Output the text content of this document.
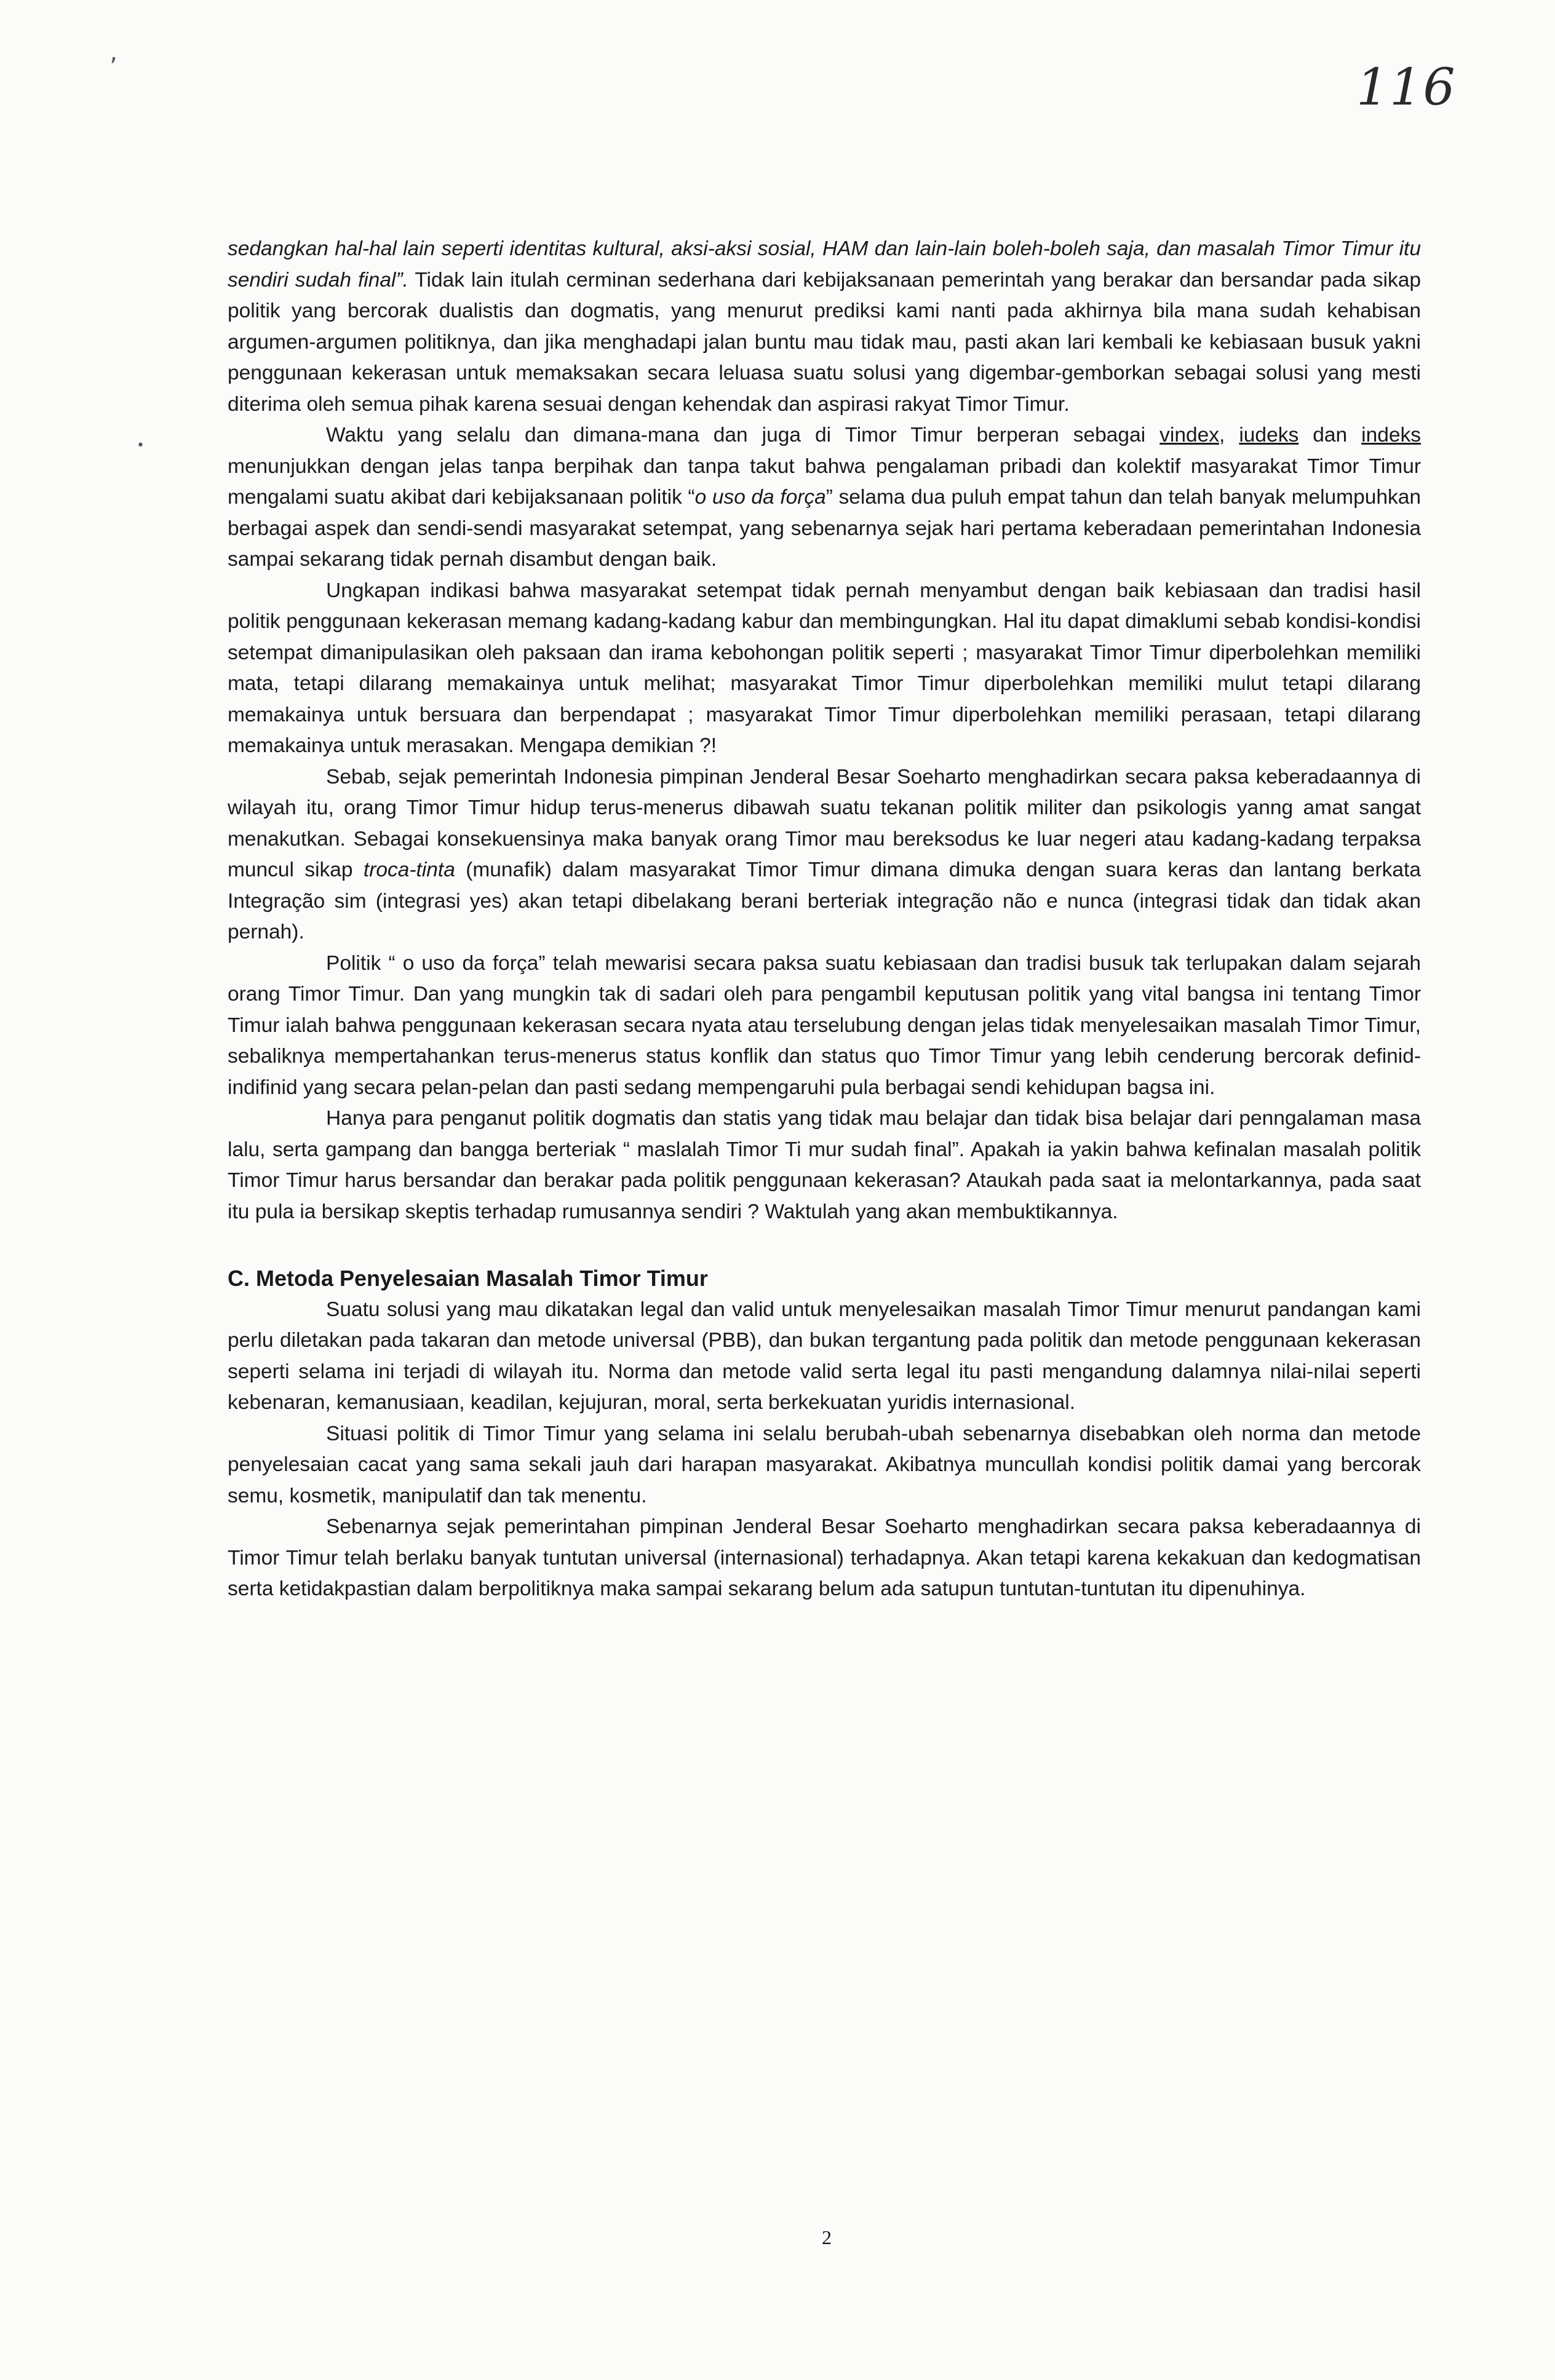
116
‚
•

sedangkan hal-hal lain seperti identitas kultural, aksi-aksi sosial, HAM dan lain-lain boleh-boleh saja, dan masalah Timor Timur itu sendiri sudah final”. Tidak lain itulah cerminan sederhana dari kebijaksanaan pemerintah yang berakar dan bersandar pada sikap politik yang bercorak dualistis dan dogmatis, yang menurut prediksi kami nanti pada akhirnya bila mana sudah kehabisan argumen-argumen politiknya, dan jika menghadapi jalan buntu mau tidak mau, pasti akan lari kembali ke kebiasaan busuk yakni penggunaan kekerasan untuk memaksakan secara leluasa suatu solusi yang digembar-gemborkan sebagai solusi yang mesti diterima oleh semua pihak karena sesuai dengan kehendak dan aspirasi rakyat Timor Timur.

Waktu yang selalu dan dimana-mana dan juga di Timor Timur berperan sebagai vindex, iudeks dan indeks menunjukkan dengan jelas tanpa berpihak dan tanpa takut bahwa pengalaman pribadi dan kolektif masyarakat Timor Timur mengalami suatu akibat dari kebijaksanaan politik “o uso da força” selama dua puluh empat tahun dan telah banyak melumpuhkan berbagai aspek dan sendi-sendi masyarakat setempat, yang sebenarnya sejak hari pertama keberadaan pemerintahan Indonesia sampai sekarang tidak pernah disambut dengan baik.

Ungkapan indikasi bahwa masyarakat setempat tidak pernah menyambut dengan baik kebiasaan dan tradisi hasil politik penggunaan kekerasan memang kadang-kadang kabur dan membingungkan. Hal itu dapat dimaklumi sebab kondisi-kondisi setempat dimanipulasikan oleh paksaan dan irama kebohongan politik seperti ; masyarakat Timor Timur diperbolehkan memiliki mata, tetapi dilarang memakainya untuk melihat; masyarakat Timor Timur diperbolehkan memiliki mulut tetapi dilarang memakainya untuk bersuara dan berpendapat ; masyarakat Timor Timur diperbolehkan memiliki perasaan, tetapi dilarang memakainya untuk merasakan. Mengapa demikian ?!

Sebab, sejak pemerintah Indonesia pimpinan Jenderal Besar Soeharto menghadirkan secara paksa keberadaannya di wilayah itu, orang Timor Timur hidup terus-menerus dibawah suatu tekanan politik militer dan psikologis yanng amat sangat menakutkan. Sebagai konsekuensinya maka banyak orang Timor mau bereksodus ke luar negeri atau kadang-kadang terpaksa muncul sikap troca-tinta (munafik) dalam masyarakat Timor Timur dimana dimuka dengan suara keras dan lantang berkata Integração sim (integrasi yes) akan tetapi dibelakang berani berteriak integração não e nunca (integrasi tidak dan tidak akan pernah).

Politik “ o uso da força” telah mewarisi secara paksa suatu kebiasaan dan tradisi busuk tak terlupakan dalam sejarah orang Timor Timur. Dan yang mungkin tak di sadari oleh para pengambil keputusan politik yang vital bangsa ini tentang Timor Timur ialah bahwa penggunaan kekerasan secara nyata atau terselubung dengan jelas tidak menyelesaikan masalah Timor Timur, sebaliknya mempertahankan terus-menerus status konflik dan status quo Timor Timur yang lebih cenderung bercorak definid-indifinid yang secara pelan-pelan dan pasti sedang mempengaruhi pula berbagai sendi kehidupan bagsa ini.

Hanya para penganut politik dogmatis dan statis yang tidak mau belajar dan tidak bisa belajar dari penngalaman masa lalu, serta gampang dan bangga berteriak “ maslalah Timor Ti mur sudah final”. Apakah ia yakin bahwa kefinalan masalah politik Timor Timur harus bersandar dan berakar pada politik penggunaan kekerasan? Ataukah pada saat ia melontarkannya, pada saat itu pula ia bersikap skeptis terhadap rumusannya sendiri ? Waktulah yang akan membuktikannya.

C. Metoda Penyelesaian Masalah Timor Timur

Suatu solusi yang mau dikatakan legal dan valid untuk menyelesaikan masalah Timor Timur menurut pandangan kami perlu diletakan pada takaran dan metode universal (PBB), dan bukan tergantung pada politik dan metode penggunaan kekerasan seperti selama ini terjadi di wilayah itu. Norma dan metode valid serta legal itu pasti mengandung dalamnya nilai-nilai seperti kebenaran, kemanusiaan, keadilan, kejujuran, moral, serta berkekuatan yuridis internasional.

Situasi politik di Timor Timur yang selama ini selalu berubah-ubah sebenarnya disebabkan oleh norma dan metode penyelesaian cacat yang sama sekali jauh dari harapan masyarakat. Akibatnya muncullah kondisi politik damai yang bercorak semu, kosmetik, manipulatif dan tak menentu.

Sebenarnya sejak pemerintahan pimpinan Jenderal Besar Soeharto menghadirkan secara paksa keberadaannya di Timor Timur telah berlaku banyak tuntutan universal (internasional) terhadapnya. Akan tetapi karena kekakuan dan kedogmatisan serta ketidakpastian dalam berpolitiknya maka sampai sekarang belum ada satupun tuntutan-tuntutan itu dipenuhinya.

2
